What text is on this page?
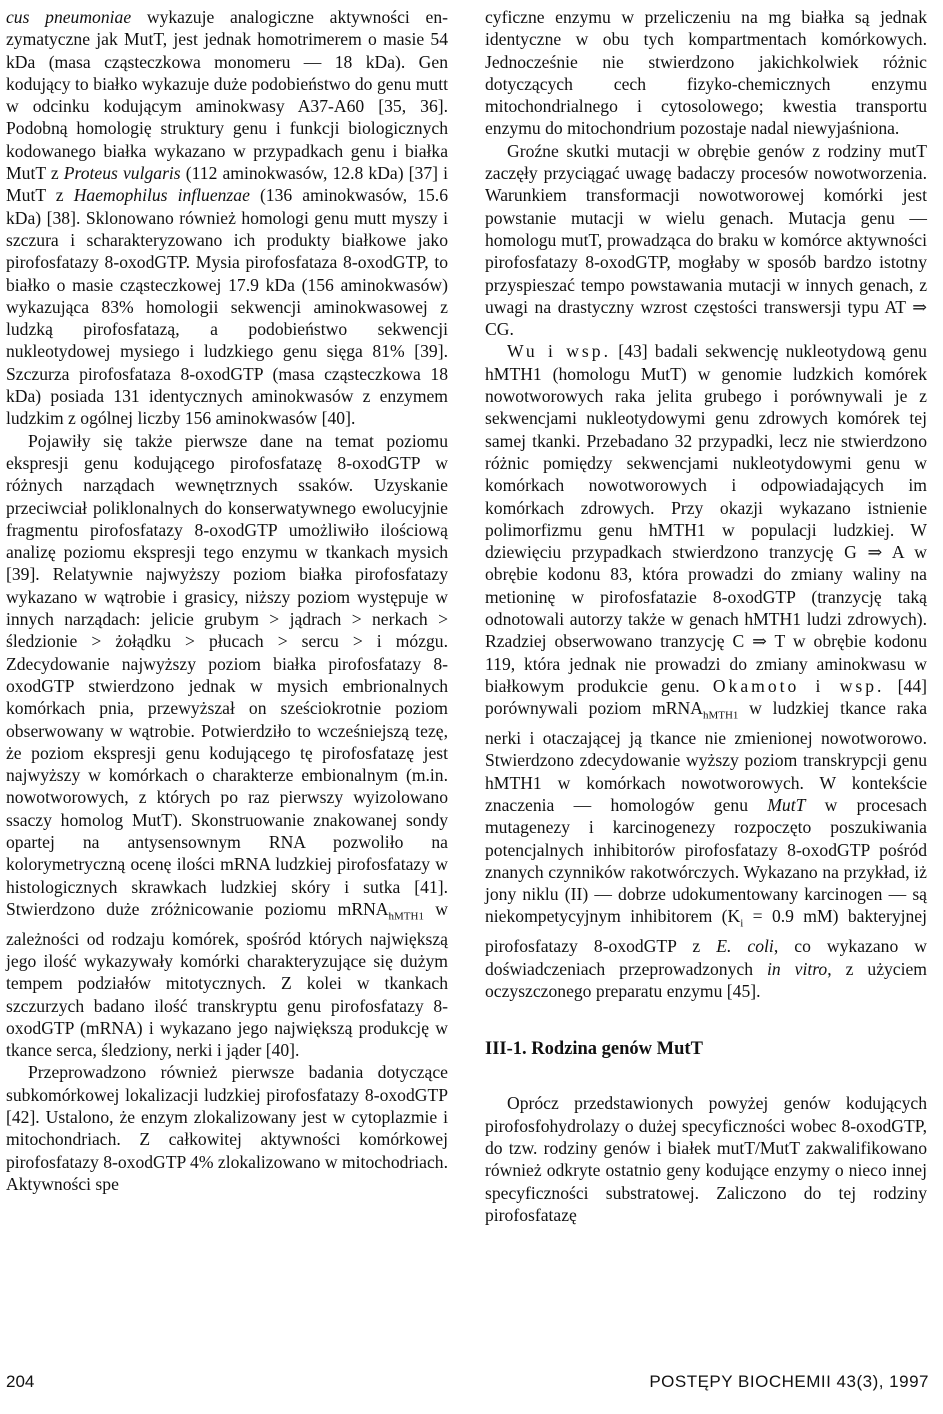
cus pneumoniae wykazuje analogiczne aktywności enzymatyczne jak MutT, jest jednak homotrimerem o masie 54 kDa (masa cząsteczkowa monomeru — 18 kDa). Gen kodujący to białko wykazuje duże podobieństwo do genu mutt w odcinku kodującym aminokwasy A37-A60 [35, 36]. Podobną homologię struktury genu i funkcji biologicznych kodowanego białka wykazano w przypadkach genu i białka MutT z Proteus vulgaris (112 aminokwasów, 12.8 kDa) [37] i MutT z Haemophilus influenzae (136 aminokwasów, 15.6 kDa) [38]. Sklonowano również homologi genu mutt myszy i szczura i scharakteryzowano ich produkty białkowe jako pirofosfatazy 8-oxodGTP. Mysia pirofosfataza 8-oxodGTP, to białko o masie cząsteczkowej 17.9 kDa (156 aminokwasów) wykazująca 83% homologii sekwencji aminokwasowej z ludzką pirofosfatazą, a podobieństwo sekwencji nukleotydowej mysiego i ludzkiego genu sięga 81% [39]. Szczurza pirofosfataza 8-oxodGTP (masa cząsteczkowa 18 kDa) posiada 131 identycznych aminokwasów z enzymem ludzkim z ogólnej liczby 156 aminokwasów [40].

Pojawiły się także pierwsze dane na temat poziomu ekspresji genu kodującego pirofosfatazę 8-oxodGTP w różnych narządach wewnętrznych ssaków. Uzyskanie przeciwciał poliklonalnych do konserwatywnego ewolucyjnie fragmentu pirofosfatazy 8-oxodGTP umożliwiło ilościową analizę poziomu ekspresji tego enzymu w tkankach mysich [39]. Relatywnie najwyższy poziom białka pirofosfatazy wykazano w wątrobie i grasicy, niższy poziom występuje w innych narządach: jelicie grubym > jądrach > nerkach > śledzionie > żołądku > płucach > sercu > i mózgu. Zdecydowanie najwyższy poziom białka pirofosfatazy 8-oxodGTP stwierdzono jednak w mysich embrionalnych komórkach pnia, przewyższał on sześciokrotnie poziom obserwowany w wątrobie. Potwierdziło to wcześniejszą tezę, że poziom ekspresji genu kodującego tę pirofosfatazę jest najwyższy w komórkach o charakterze embionalnym (m.in. nowotworowych, z których po raz pierwszy wyizolowano ssaczy homolog MutT). Skonstruowanie znakowanej sondy opartej na antysensownym RNA pozwoliło na kolorymetryczną ocenę ilości mRNA ludzkiej pirofosfatazy w histologicznych skrawkach ludzkiej skóry i sutka [41]. Stwierdzono duże zróżnicowanie poziomu mRNA$_{hMTH1}$ w zależności od rodzaju komórek, spośród których największą jego ilość wykazywały komórki charakteryzujące się dużym tempem podziałów mitotycznych. Z kolei w tkankach szczurzych badano ilość transkryptu genu pirofosfatazy 8-oxodGTP (mRNA) i wykazano jego największą produkcję w tkance serca, śledziony, nerki i jąder [40].

Przeprowadzono również pierwsze badania dotyczące subkomórkowej lokalizacji ludzkiej pirofosfatazy 8-oxodGTP [42]. Ustalono, że enzym zlokalizowany jest w cytoplazmie i mitochondriach. Z całkowitej aktywności komórkowej pirofosfatazy 8-oxodGTP 4% zlokalizowano w mitochodriach. Aktywności spe

cyficzne enzymu w przeliczeniu na mg białka są jednak identyczne w obu tych kompartmentach komórkowych. Jednocześnie nie stwierdzono jakichkolwiek różnic dotyczących cech fizyko-chemicznych enzymu mitochondrialnego i cytosolowego; kwestia transportu enzymu do mitochondrium pozostaje nadal niewyjaśniona.

Groźne skutki mutacji w obrębie genów z rodziny mutT zaczęły przyciągać uwagę badaczy procesów nowotworzenia. Warunkiem transformacji nowotworowej komórki jest powstanie mutacji w wielu genach. Mutacja genu — homologu mutT, prowadząca do braku w komórce aktywności pirofosfatazy 8-oxodGTP, mogłaby w sposób bardzo istotny przyspieszać tempo powstawania mutacji w innych genach, z uwagi na drastyczny wzrost częstości transwersji typu AT ⇒ CG.

Wu i wsp. [43] badali sekwencję nukleotydową genu hMTH1 (homologu MutT) w genomie ludzkich komórek nowotworowych raka jelita grubego i porównywali je z sekwencjami nukleotydowymi genu zdrowych komórek tej samej tkanki. Przebadano 32 przypadki, lecz nie stwierdzono różnic pomiędzy sekwencjami nukleotydowymi genu w komórkach nowotworowych i odpowiadających im komórkach zdrowych. Przy okazji wykazano istnienie polimorfizmu genu hMTH1 w populacji ludzkiej. W dziewięciu przypadkach stwierdzono tranzycję G ⇒ A w obrębie kodonu 83, która prowadzi do zmiany waliny na metioninę w pirofosfatazie 8-oxodGTP (tranzycję taką odnotowali autorzy także w genach hMTH1 ludzi zdrowych). Rzadziej obserwowano tranzycję C ⇒ T w obrębie kodonu 119, która jednak nie prowadzi do zmiany aminokwasu w białkowym produkcie genu. Okamoto i wsp. [44] porównywali poziom mRNA$_{hMTH1}$ w ludzkiej tkance raka nerki i otaczającej ją tkance nie zmienionej nowotworowo. Stwierdzono zdecydowanie wyższy poziom transkrypcji genu hMTH1 w komórkach nowotworowych. W kontekście znaczenia — homologów genu MutT w procesach mutagenezy i karcinogenezy rozpoczęto poszukiwania potencjalnych inhibitorów pirofosfatazy 8-oxodGTP pośród znanych czynników rakotwórczych. Wykazano na przykład, iż jony niklu (II) — dobrze udokumentowany karcinogen — są niekompetycyjnym inhibitorem ($K_i = 0.9$ mM) bakteryjnej pirofosfatazy 8-oxodGTP z E. coli, co wykazano w doświadczeniach przeprowadzonych in vitro, z użyciem oczyszczonego preparatu enzymu [45].

III-1. Rodzina genów MutT

Oprócz przedstawionych powyżej genów kodujących pirofosfohydrolazy o dużej specyficzności wobec 8-oxodGTP, do tzw. rodziny genów i białek mutT/MutT zakwalifikowano również odkryte ostatnio geny kodujące enzymy o nieco innej specyficzności substratowej. Zaliczono do tej rodziny pirofosfatazę

204	POSTĘPY BIOCHEMII 43(3), 1997
